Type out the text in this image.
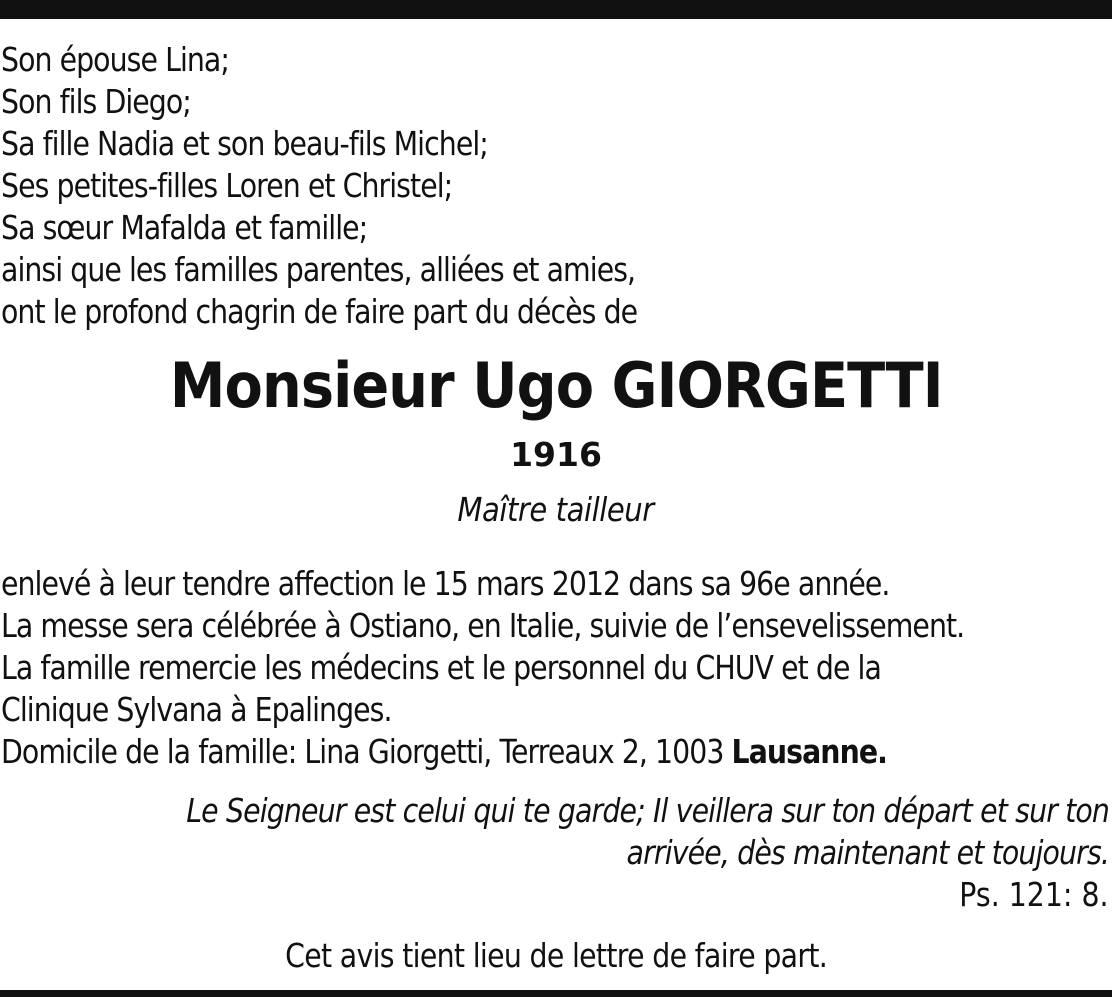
Son épouse Lina;
Son fils Diego;
Sa fille Nadia et son beau-fils Michel;
Ses petites-filles Loren et Christel;
Sa sœur Mafalda et famille;
ainsi que les familles parentes, alliées et amies,
ont le profond chagrin de faire part du décès de
Monsieur Ugo GIORGETTI
1916
Maître tailleur
enlevé à leur tendre affection le 15 mars 2012 dans sa 96e année.
La messe sera célébrée à Ostiano, en Italie, suivie de l’ensevelissement.
La famille remercie les médecins et le personnel du CHUV et de la
Clinique Sylvana à Epalinges.
Domicile de la famille: Lina Giorgetti, Terreaux 2, 1003 Lausanne.
Le Seigneur est celui qui te garde; Il veillera sur ton départ et sur ton
arrivée, dès maintenant et toujours.
Ps. 121: 8.
Cet avis tient lieu de lettre de faire part.
